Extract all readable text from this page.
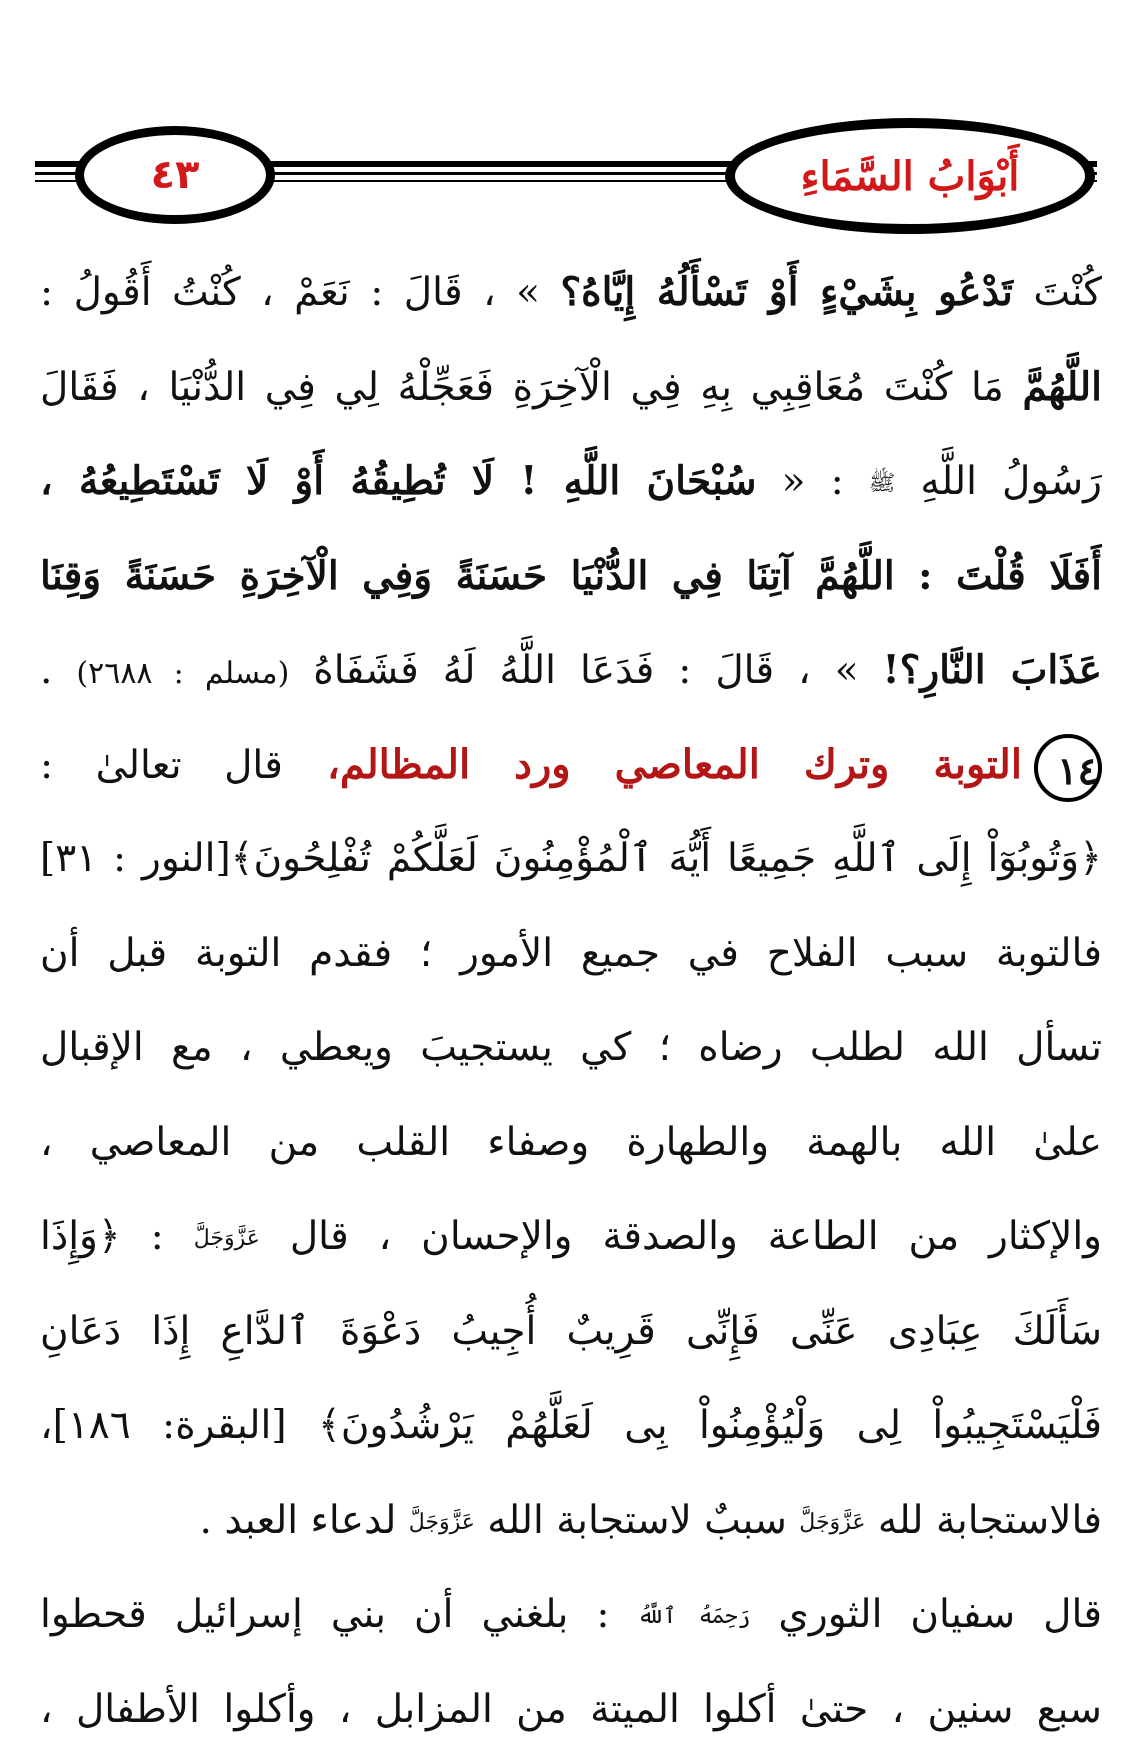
٤٣	أَبْوَابُ السَّمَاءِ
كُنْتَ تَدْعُو بِشَيْءٍ أَوْ تَسْأَلُهُ إِيَّاهُ؟ » ، قَالَ : نَعَمْ ، كُنْتُ أَقُولُ :
اللَّهُمَّ مَا كُنْتَ مُعَاقِبِي بِهِ فِي الْآخِرَةِ فَعَجِّلْهُ لِي فِي الدُّنْيَا ، فَقَالَ
رَسُولُ اللَّهِ ﷺ : « سُبْحَانَ اللَّهِ ! لَا تُطِيقُهُ أَوْ لَا تَسْتَطِيعُهُ ،
أَفَلَا قُلْتَ : اللَّهُمَّ آتِنَا فِي الدُّنْيَا حَسَنَةً وَفِي الْآخِرَةِ حَسَنَةً وَقِنَا
عَذَابَ النَّارِ؟! » ، قَالَ : فَدَعَا اللَّهُ لَهُ فَشَفَاهُ (مسلم : ٢٦٨٨) .
١٤التوبة وترك المعاصي ورد المظالم، قال تعالىٰ :
﴿وَتُوبُوٓاْ إِلَى ٱللَّهِ جَمِيعًا أَيُّهَ ٱلْمُؤْمِنُونَ لَعَلَّكُمْ تُفْلِحُونَ﴾[النور : ٣١]
فالتوبة سبب الفلاح في جميع الأمور ؛ فقدم التوبة قبل أن
تسأل الله لطلب رضاه ؛ كي يستجيبَ ويعطي ، مع الإقبال
علىٰ الله بالهمة والطهارة وصفاء القلب من المعاصي ،
والإكثار من الطاعة والصدقة والإحسان ، قال عَزَّوَجَلَّ : ﴿وَإِذَا
سَأَلَكَ عِبَادِى عَنِّى فَإِنِّى قَرِيبٌ أُجِيبُ دَعْوَةَ ٱلدَّاعِ إِذَا دَعَانِ
فَلْيَسْتَجِيبُواْ لِى وَلْيُؤْمِنُواْ بِى لَعَلَّهُمْ يَرْشُدُونَ﴾ [البقرة: ١٨٦]،
فالاستجابة لله عَزَّوَجَلَّ سببٌ لاستجابة الله عَزَّوَجَلَّ لدعاء العبد .
قال سفيان الثوري رَحِمَهُ ٱللَّهُ : بلغني أن بني إسرائيل قحطوا
سبع سنين ، حتىٰ أكلوا الميتة من المزابل ، وأكلوا الأطفال ،
